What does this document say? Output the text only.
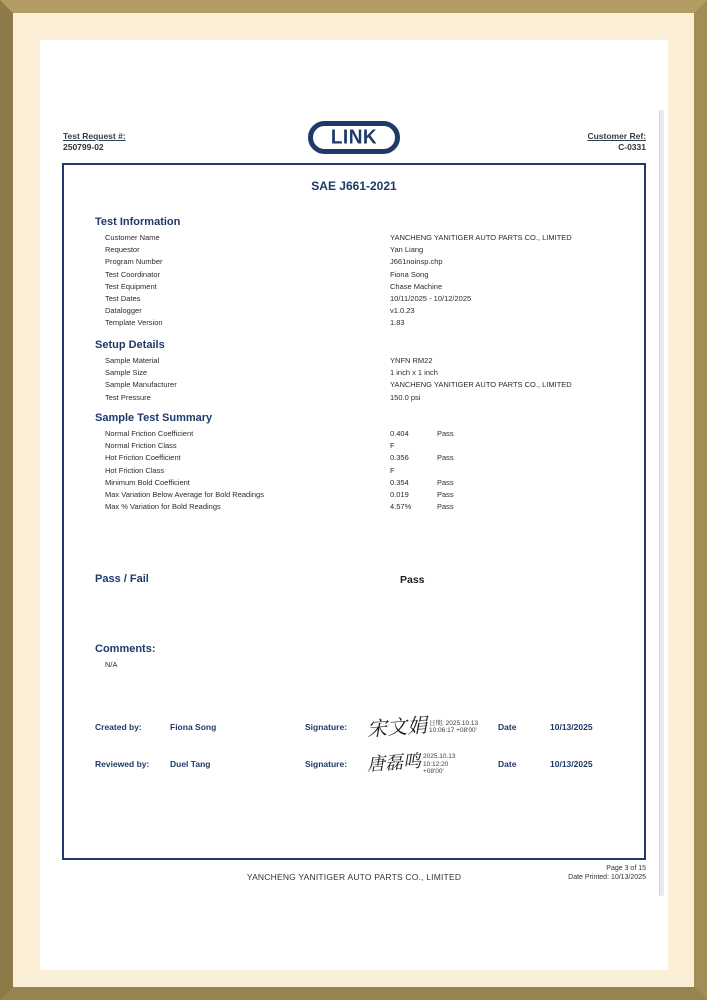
Test Request #:
250799-02	LINK	Customer Ref:
C-0331
SAE J661-2021
Test Information
Customer Name	YANCHENG YANITIGER AUTO PARTS CO., LIMITED
Requestor	Yan Liang
Program Number	J661noinsp.chp
Test Coordinator	Fiona Song
Test Equipment	Chase Machine
Test Dates	10/11/2025 - 10/12/2025
Datalogger	v1.0.23
Template Version	1.83
Setup Details
Sample Material	YNFN RM22
Sample Size	1 inch x 1 inch
Sample Manufacturer	YANCHENG YANITIGER AUTO PARTS CO., LIMITED
Test Pressure	150.0 psi
Sample Test Summary
Normal Friction Coefficient	0.404	Pass
Normal Friction Class	F
Hot Friction Coefficient	0.356	Pass
Hot Friction Class	F
Minimum Bold Coefficient	0.354	Pass
Max Variation Below Average for Bold Readings	0.019	Pass
Max % Variation for Bold Readings	4.57%	Pass
Pass / Fail	Pass
Comments:
N/A
Created by:	Fiona Song	Signature: 宋文娟 日期: 2025.10.13
10:06:17 +08'00' Date	10/13/2025
Reviewed by: Duel Tang	Signature: 唐磊鸣 2025.10.13
10:12:20
+08'00'
Date	10/13/2025
YANCHENG YANITIGER AUTO PARTS CO., LIMITED
Page 3 of 15
Date Printed: 10/13/2025
